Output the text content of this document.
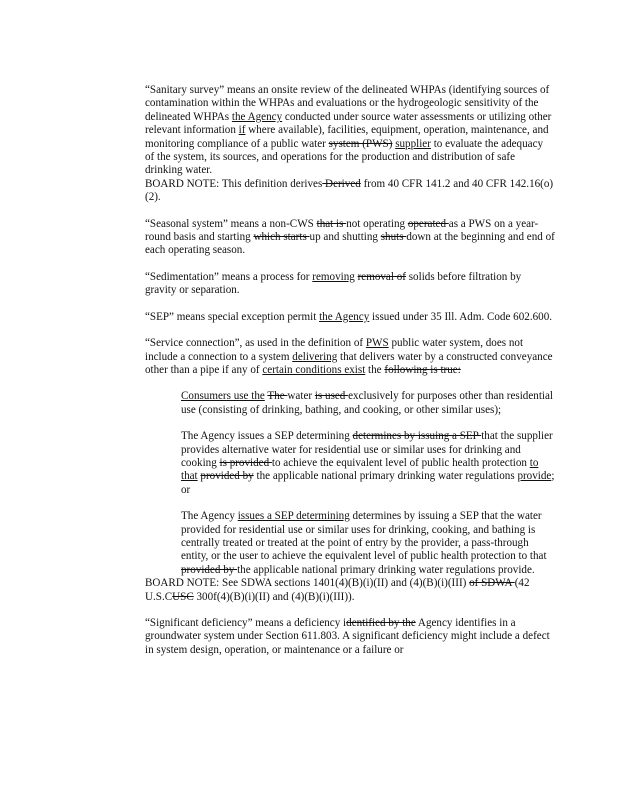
“Sanitary survey” means an onsite review of the delineated WHPAs (identifying sources of contamination within the WHPAs and evaluations or the hydrogeologic sensitivity of the delineated WHPAs the Agency conducted under source water assessments or utilizing other relevant information if where available), facilities, equipment, operation, maintenance, and monitoring compliance of a public water system (PWS) supplier to evaluate the adequacy of the system, its sources, and operations for the production and distribution of safe drinking water.

BOARD NOTE: This definition derives Derived from 40 CFR 141.2 and 40 CFR 142.16(o)(2).

“Seasonal system” means a non-CWS that is not operating operated as a PWS on a year-round basis and starting which starts up and shutting shuts down at the beginning and end of each operating season.

“Sedimentation” means a process for removing removal of solids before filtration by gravity or separation.

“SEP” means special exception permit the Agency issued under 35 Ill. Adm. Code 602.600.

“Service connection”, as used in the definition of PWS public water system, does not include a connection to a system delivering that delivers water by a constructed conveyance other than a pipe if any of certain conditions exist the following is true:

Consumers use the The water is used exclusively for purposes other than residential use (consisting of drinking, bathing, and cooking, or other similar uses);

The Agency issues a SEP determining determines by issuing a SEP that the supplier provides alternative water for residential use or similar uses for drinking and cooking is provided to achieve the equivalent level of public health protection to that provided by the applicable national primary drinking water regulations provide; or

The Agency issues a SEP determining determines by issuing a SEP that the water provided for residential use or similar uses for drinking, cooking, and bathing is centrally treated or treated at the point of entry by the provider, a pass-through entity, or the user to achieve the equivalent level of public health protection to that provided by the applicable national primary drinking water regulations provide.

BOARD NOTE: See SDWA sections 1401(4)(B)(i)(II) and (4)(B)(i)(III) of SDWA (42 U.S.CUSC 300f(4)(B)(i)(II) and (4)(B)(i)(III)).

“Significant deficiency” means a deficiency identified by the Agency identifies in a groundwater system under Section 611.803. A significant deficiency might include a defect in system design, operation, or maintenance or a failure or
